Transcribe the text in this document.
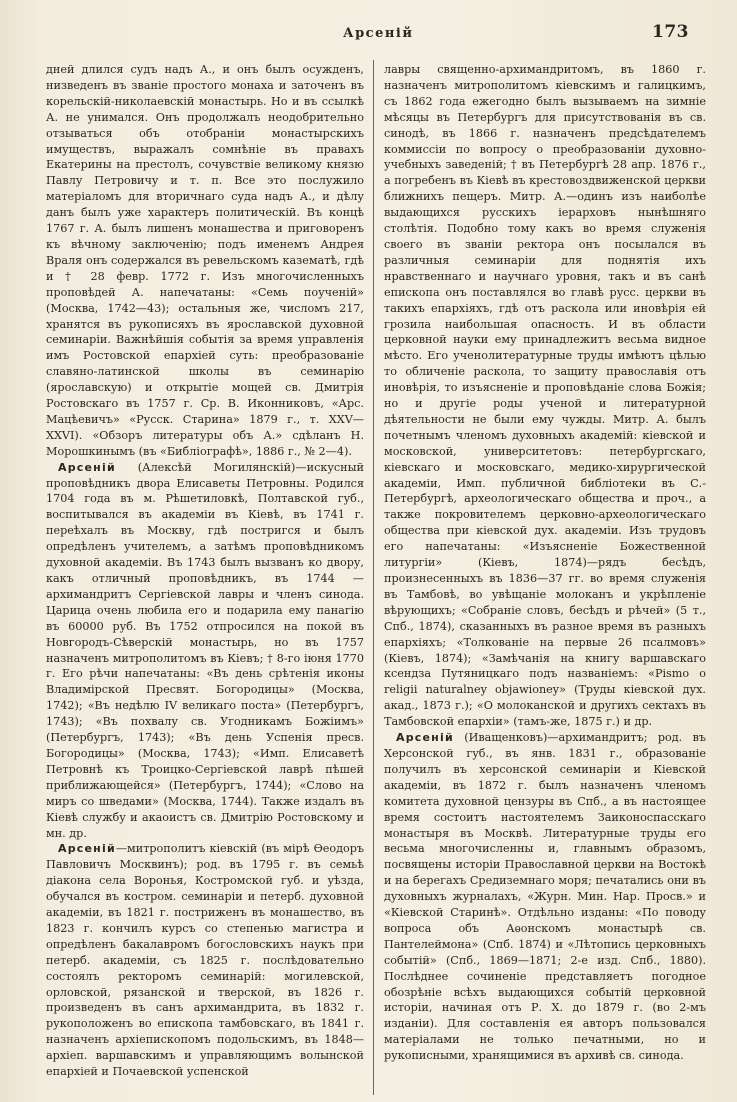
Арсеній	173

дней длился судъ надъ А., и онъ былъ осужденъ, низведенъ въ званіе простого монаха и заточенъ въ корельскій-николаевскій монастырь. Но и въ ссылкѣ А. не унимался. Онъ продолжалъ неодобрительно отзываться объ отобраніи монастырскихъ имуществъ, выражалъ сомнѣніе въ правахъ Екатерины на престолъ, сочувствіе великому князю Павлу Петровичу и т. п. Все это послужило матеріаломъ для вторичнаго суда надъ А., и дѣлу данъ былъ уже характеръ политическій. Въ концѣ 1767 г. А. былъ лишенъ монашества и приговоренъ къ вѣчному заключенію; подъ именемъ Андрея Враля онъ содержался въ ревельскомъ казематѣ, гдѣ и † 28 февр. 1772 г. Изъ многочисленныхъ проповѣдей А. напечатаны: «Семь поученій» (Москва, 1742—43); остальныя же, числомъ 217, хранятся въ рукописяхъ въ ярославской духовной семинаріи. Важнѣйшія событія за время управленія имъ Ростовской епархіей суть: преобразованіе славяно-латинской школы въ семинарію (ярославскую) и открытіе мощей св. Дмитрія Ростовскаго въ 1757 г. Ср. В. Иконниковъ, «Арс. Мацѣевичъ» «Русск. Старина» 1879 г., т. XXV—XXVI). «Обзоръ литературы объ А.» сдѣланъ Н. Морошкинымъ (въ «Библіографѣ», 1886 г., № 2—4).

Арсеній (Алексѣй Могилянскій)—искусный проповѣдникъ двора Елисаветы Петровны. Родился 1704 года въ м. Рѣшетиловкѣ, Полтавской губ., воспитывался въ академіи въ Кіевѣ, въ 1741 г. переѣхалъ въ Москву, гдѣ постригся и былъ опредѣленъ учителемъ, а затѣмъ проповѣдникомъ духовной академіи. Въ 1743 былъ вызванъ ко двору, какъ отличный проповѣдникъ, въ 1744 — архимандритъ Сергіевской лавры и членъ синода. Царица очень любила его и подарила ему панагію въ 60000 руб. Въ 1752 отпросился на покой въ Новгородъ-Сѣверскій монастырь, но въ 1757 назначенъ митрополитомъ въ Кіевъ; † 8-го іюня 1770 г. Его рѣчи напечатаны: «Въ день срѣтенія иконы Владимірской Пресвят. Богородицы» (Москва, 1742); «Въ недѣлю IV великаго поста» (Петербургъ, 1743); «Въ похвалу св. Угодникамъ Божіимъ» (Петербургъ, 1743); «Въ день Успенія пресв. Богородицы» (Москва, 1743); «Имп. Елисаветѣ Петровнѣ къ Троицко-Сергіевской лаврѣ пѣшей приближающейся» (Петербургъ, 1744); «Слово на миръ со шведами» (Москва, 1744). Также издалъ въ Кіевѣ службу и акаоистъ св. Дмитрію Ростовскому и мн. др.

Арсеній—митрополитъ кіевскій (въ мірѣ Ѳеодоръ Павловичъ Москвинъ); род. въ 1795 г. въ семьѣ діакона села Воронья, Костромской губ. и уѣзда, обучался въ костром. семинаріи и петерб. духовной академіи, въ 1821 г. постриженъ въ монашество, въ 1823 г. кончилъ курсъ со степенью магистра и опредѣленъ бакалавромъ богословскихъ наукъ при петерб. академіи, съ 1825 г. послѣдовательно состоялъ ректоромъ семинарій: могилевской, орловской, рязанской и тверской, въ 1826 г. произведенъ въ санъ архимандрита, въ 1832 г. рукоположенъ во епископа тамбовскаго, въ 1841 г. назначенъ архіепископомъ подольскимъ, въ 1848—архіеп. варшавскимъ и управляющимъ волынской епархіей и Почаевской успенской

лавры священно-архимандритомъ, въ 1860 г. назначенъ митрополитомъ кіевскимъ и галицкимъ, съ 1862 года ежегодно былъ вызываемъ на зимніе мѣсяцы въ Петербургъ для присутствованія въ св. синодѣ, въ 1866 г. назначенъ предсѣдателемъ коммиссіи по вопросу о преобразованіи духовно-учебныхъ заведеній; † въ Петербургѣ 28 апр. 1876 г., а погребенъ въ Кіевѣ въ крестовоздвиженской церкви ближнихъ пещеръ. Митр. А.—одинъ изъ наиболѣе выдающихся русскихъ іерарховъ нынѣшняго столѣтія. Подобно тому какъ во время служенія своего въ званіи ректора онъ посылался въ различныя семинаріи для поднятія ихъ нравственнаго и научнаго уровня, такъ и въ санѣ епископа онъ поставлялся во главѣ русс. церкви въ такихъ епархіяхъ, гдѣ отъ раскола или иновѣрія ей грозила наибольшая опасность. И въ области церковной науки ему принадлежитъ весьма видное мѣсто. Его ученолитературные труды имѣютъ цѣлью то обличеніе раскола, то защиту православія отъ иновѣрія, то изъясненіе и проповѣданіе слова Божія; но и другіе роды ученой и литературной дѣятельности не были ему чужды. Митр. А. былъ почетнымъ членомъ духовныхъ академій: кіевской и московской, университетовъ: петербургскаго, кіевскаго и московскаго, медико-хирургической академіи, Имп. публичной библіотеки въ С.-Петербургѣ, археологическаго общества и проч., а также покровителемъ церковно-археологическаго общества при кіевской дух. академіи. Изъ трудовъ его напечатаны: «Изъясненіе Божественной литургіи» (Кіевъ, 1874)—рядъ бесѣдъ, произнесенныхъ въ 1836—37 гг. во время служенія въ Тамбовѣ, во увѣщаніе молоканъ и укрѣпленіе вѣрующихъ; «Собраніе словъ, бесѣдъ и рѣчей» (5 т., Спб., 1874), сказанныхъ въ разное время въ разныхъ епархіяхъ; «Толкованіе на первые 26 псалмовъ» (Кіевъ, 1874); «Замѣчанія на книгу варшавскаго ксендза Путяницкаго подъ названіемъ: «Pismo o religii naturalney objawioney» (Труды кіевской дух. акад., 1873 г.); «О молоканской и другихъ сектахъ въ Тамбовской епархіи» (тамъ-же, 1875 г.) и др.

Арсеній (Иващенковъ)—архимандритъ; род. въ Херсонской губ., въ янв. 1831 г., образованіе получилъ въ херсонской семинаріи и Кіевской академіи, въ 1872 г. былъ назначенъ членомъ комитета духовной цензуры въ Спб., а въ настоящее время состоитъ настоятелемъ Заиконоспасскаго монастыря въ Москвѣ. Литературные труды его весьма многочисленны и, главнымъ образомъ, посвящены исторіи Православной церкви на Востокѣ и на берегахъ Средиземнаго моря; печатались они въ духовныхъ журналахъ, «Журн. Мин. Нар. Просв.» и «Кіевской Старинѣ». Отдѣльно изданы: «По поводу вопроса объ Аѳонскомъ монастырѣ св. Пантелеймона» (Спб. 1874) и «Лѣтопись церковныхъ событій» (Спб., 1869—1871; 2-е изд. Спб., 1880). Послѣднее сочиненіе представляетъ погодное обозрѣніе всѣхъ выдающихся событій церковной исторіи, начиная отъ Р. Х. до 1879 г. (во 2-мъ изданіи). Для составленія ея авторъ пользовался матеріалами не только печатными, но и рукописными, хранящимися въ архивѣ св. синода.
